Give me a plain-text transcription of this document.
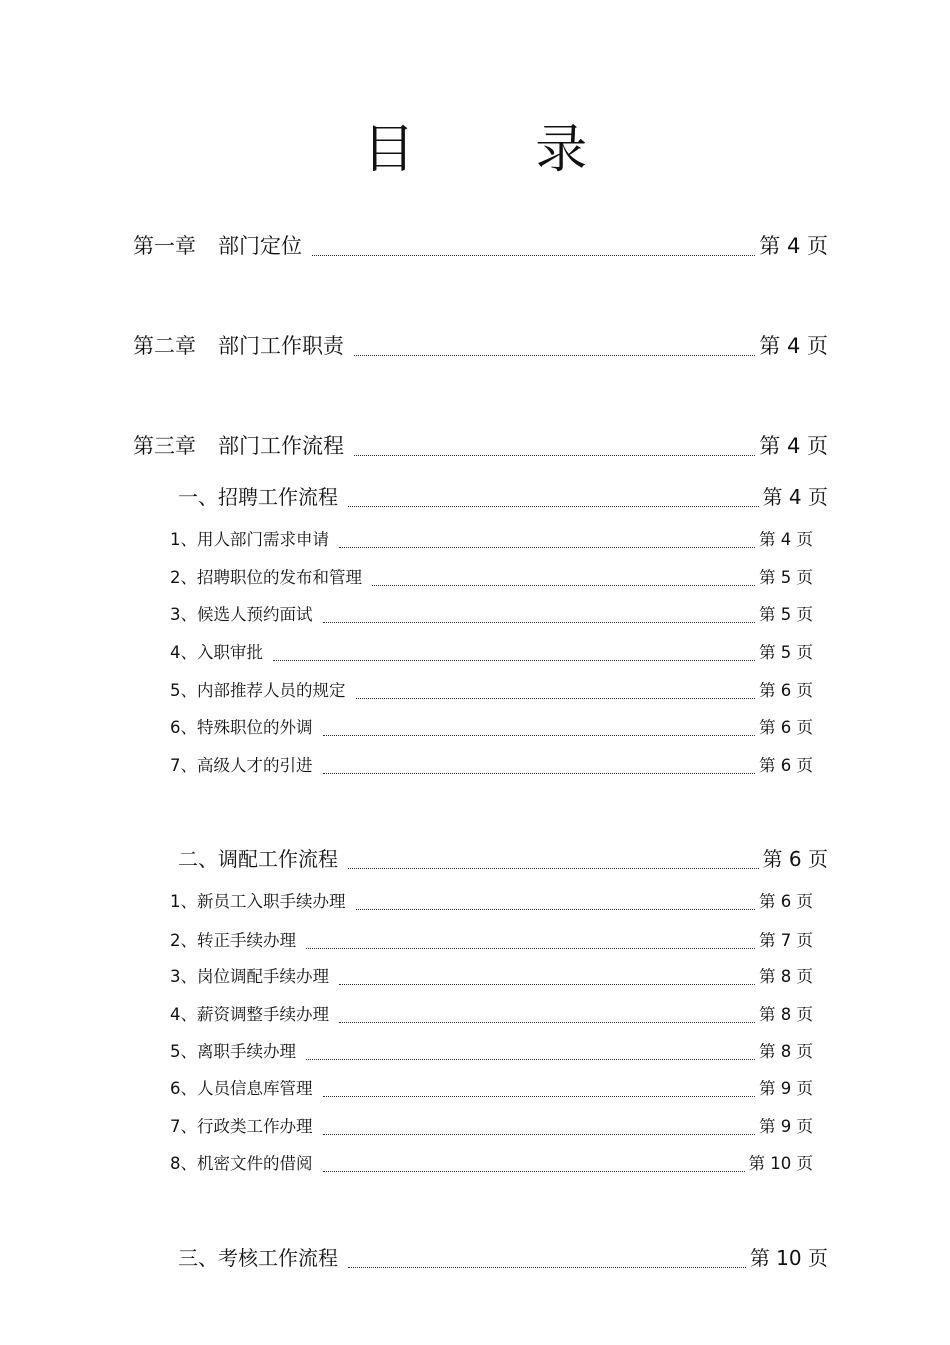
目 录
第一章 部门定位	第 4 页
第二章 部门工作职责	第 4 页
第三章 部门工作流程	第 4 页
一、招聘工作流程	第 4 页
1、用人部门需求申请	第 4 页
2、招聘职位的发布和管理	第 5 页
3、候选人预约面试	第 5 页
4、入职审批	第 5 页
5、内部推荐人员的规定	第 6 页
6、特殊职位的外调	第 6 页
7、高级人才的引进	第 6 页
二、调配工作流程	第 6 页
1、新员工入职手续办理	第 6 页
2、转正手续办理	第 7 页
3、岗位调配手续办理	第 8 页
4、薪资调整手续办理	第 8 页
5、离职手续办理	第 8 页
6、人员信息库管理	第 9 页
7、行政类工作办理	第 9 页
8、机密文件的借阅	第 10 页
三、考核工作流程	第 10 页
